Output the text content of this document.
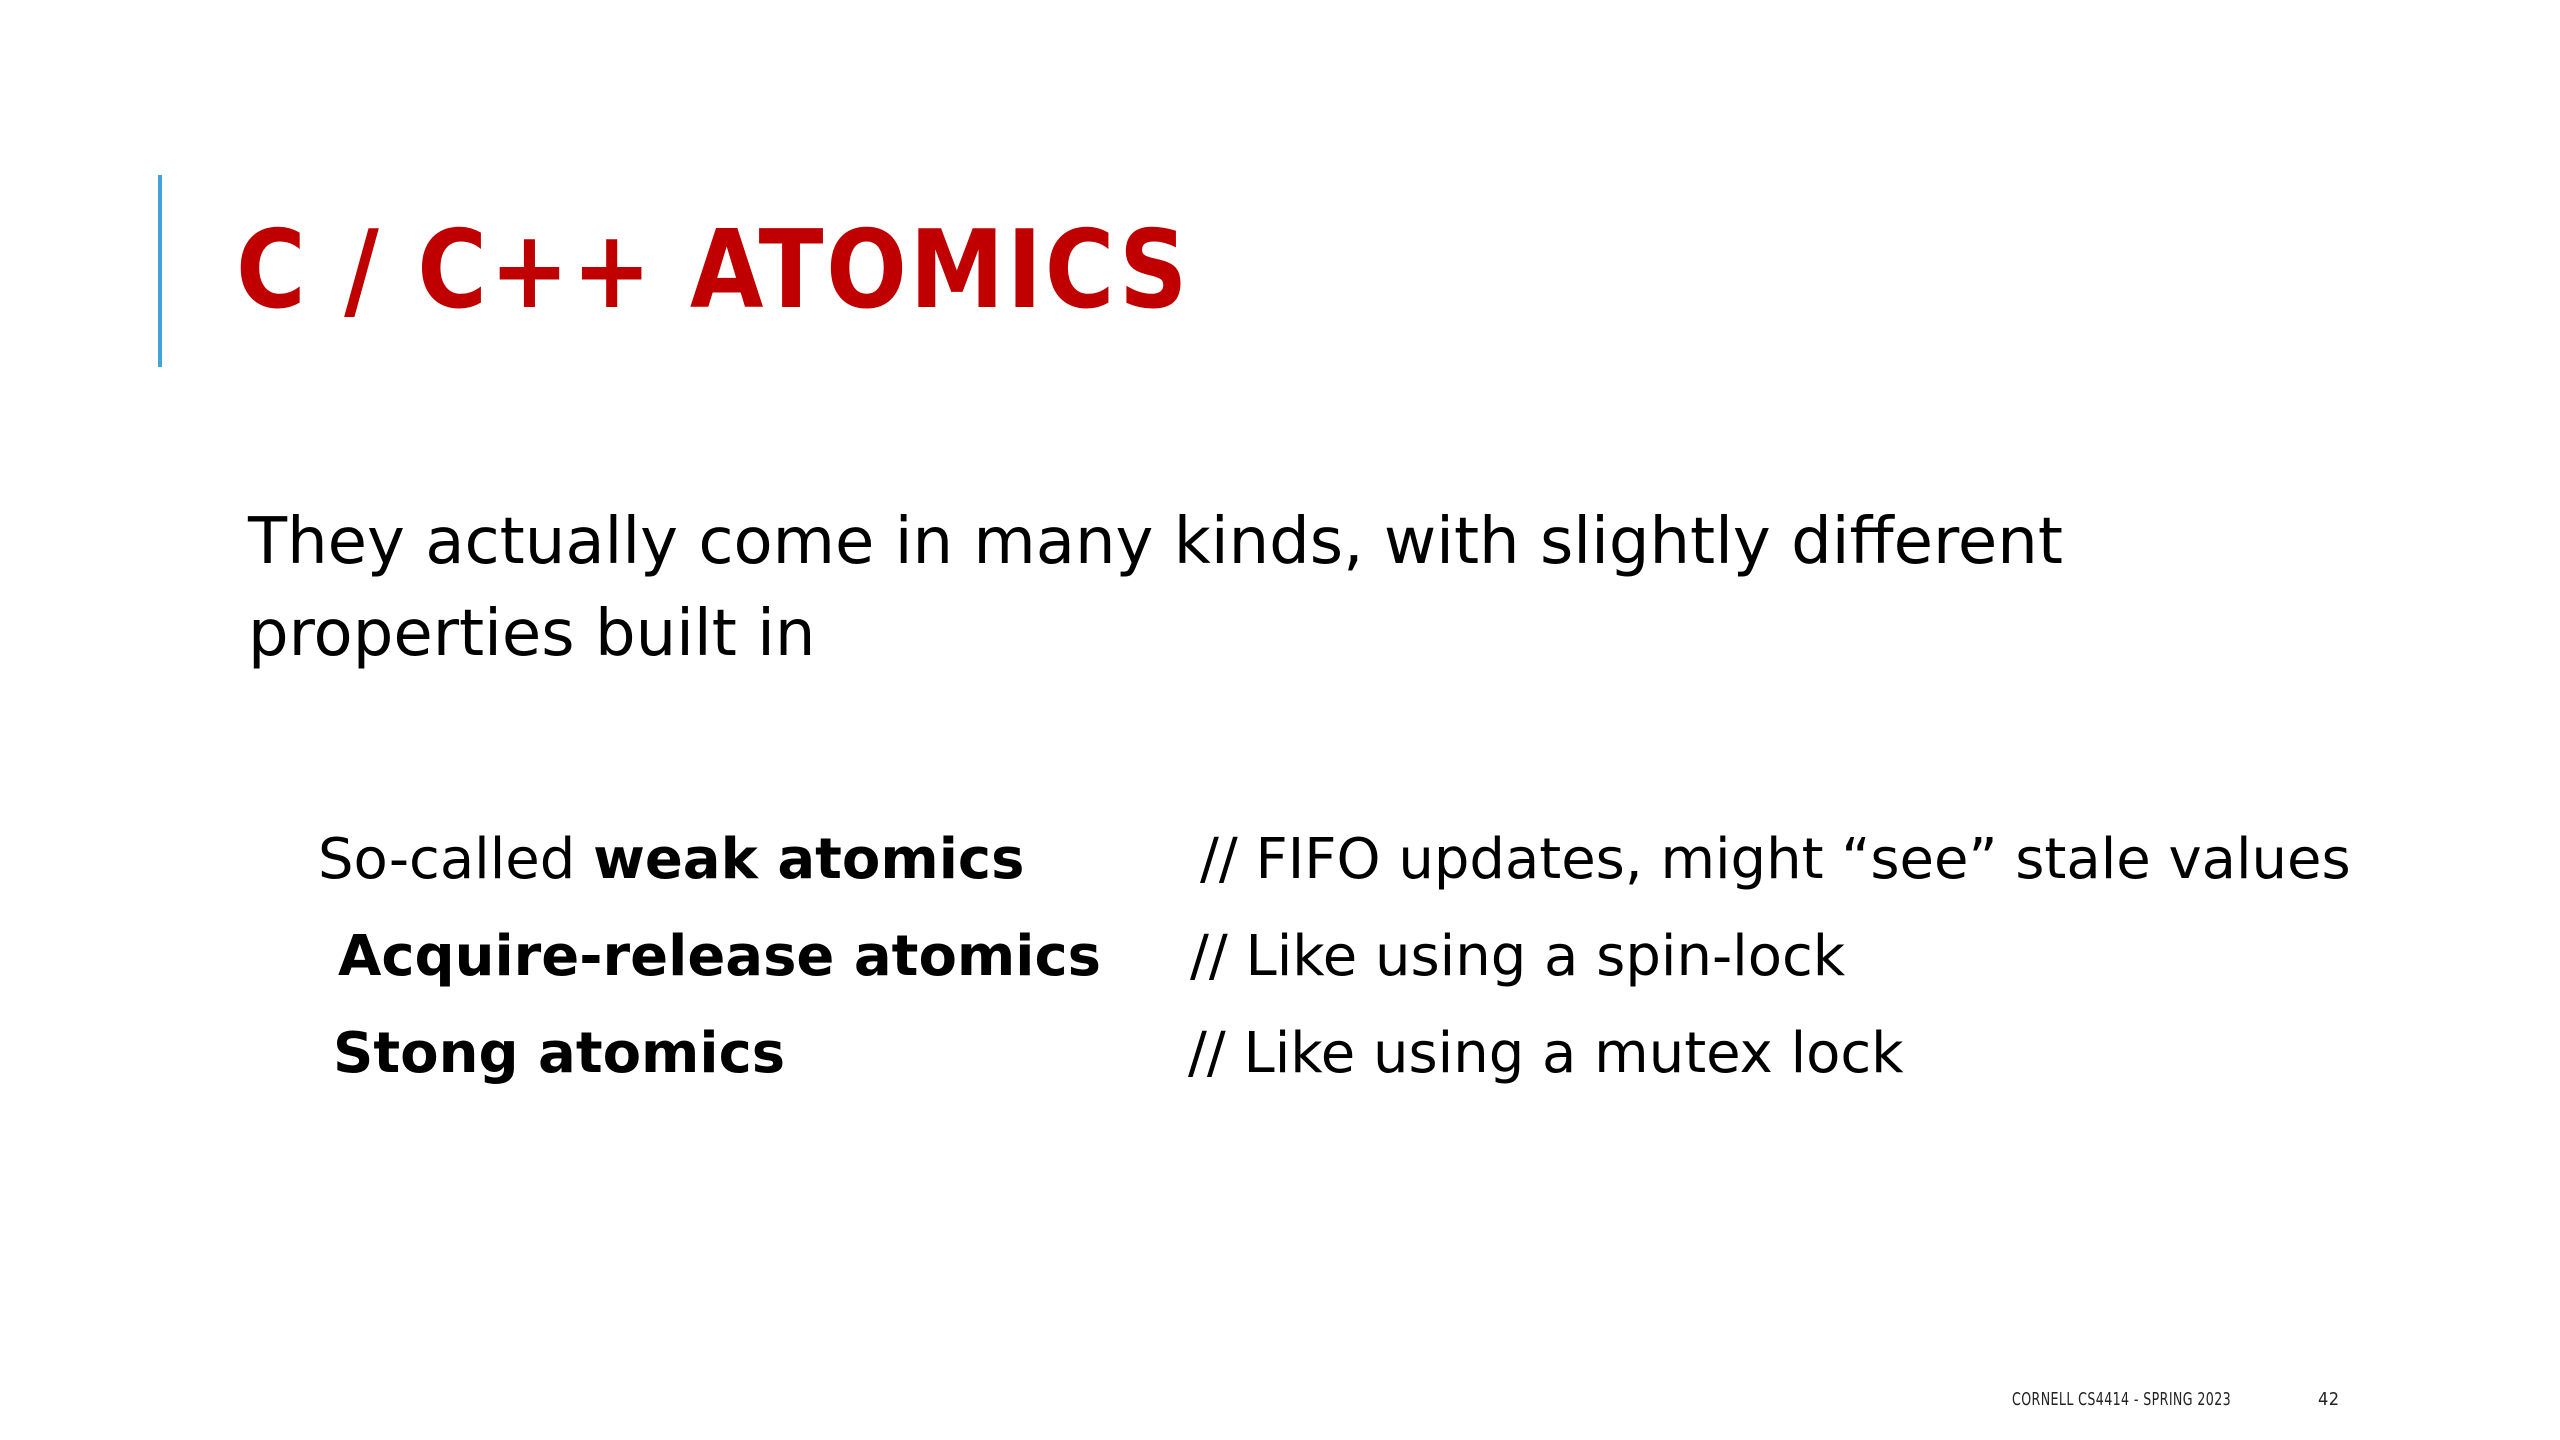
C / C++ ATOMICS

They actually come in many kinds, with slightly different properties built in

So-called weak atomics	// FIFO updates, might “see” stale values
Acquire-release atomics // Like using a spin-lock
Stong atomics	// Like using a mutex lock
CORNELL CS4414 - SPRING 2023	42
